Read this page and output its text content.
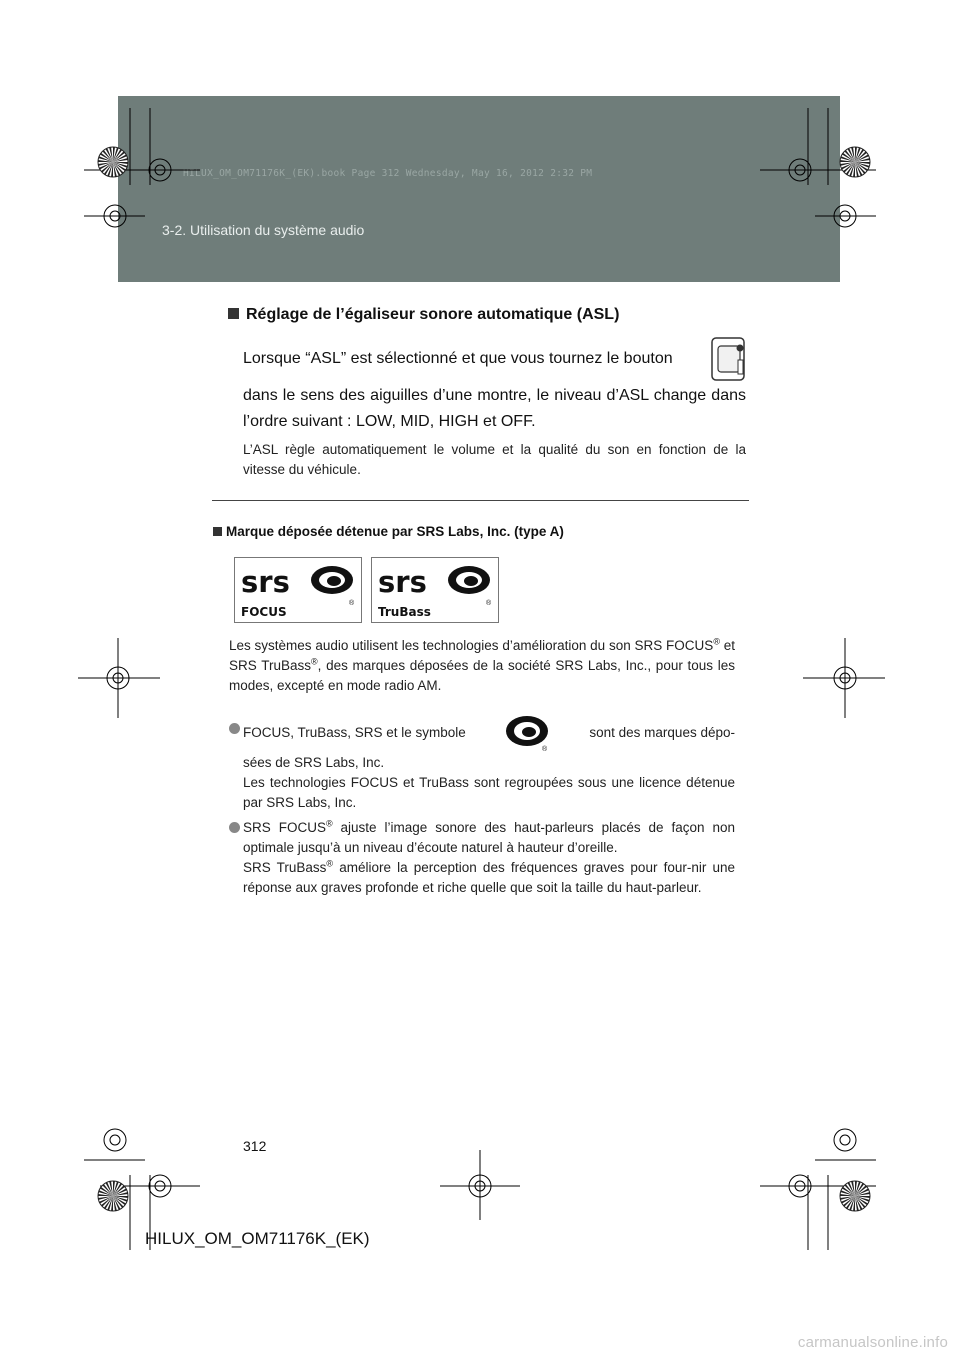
HILUX_OM_OM71176K_(EK).book Page 312 Wednesday, May 16, 2012 2:32 PM
3-2. Utilisation du système audio
Réglage de l’égaliseur sonore automatique (ASL)
Lorsque “ASL” est sélectionné et que vous tournez le bouton
dans le sens des aiguilles d’une montre, le niveau d’ASL change dans l’ordre suivant : LOW, MID, HIGH et OFF.
L’ASL règle automatiquement le volume et la qualité du son en fonction de la vitesse du véhicule.
Marque déposée détenue par SRS Labs, Inc. (type A)
srs
®
FOCUS
srs
®
TruBass
Les systèmes audio utilisent les technologies d’amélioration du son SRS FOCUS® et SRS TruBass®, des marques déposées de la société SRS Labs, Inc., pour tous les modes, excepté en mode radio AM.
FOCUS, TruBass, SRS et le symbole
®
sont des marques dépo-
sées de SRS Labs, Inc.
Les technologies FOCUS et TruBass sont regroupées sous une licence détenue par SRS Labs, Inc.
SRS FOCUS® ajuste l’image sonore des haut-parleurs placés de façon non optimale jusqu’à un niveau d’écoute naturel à hauteur d’oreille.
SRS TruBass® améliore la perception des fréquences graves pour four-nir une réponse aux graves profonde et riche quelle que soit la taille du haut-parleur.
312
HILUX_OM_OM71176K_(EK)
carmanualsonline.info
